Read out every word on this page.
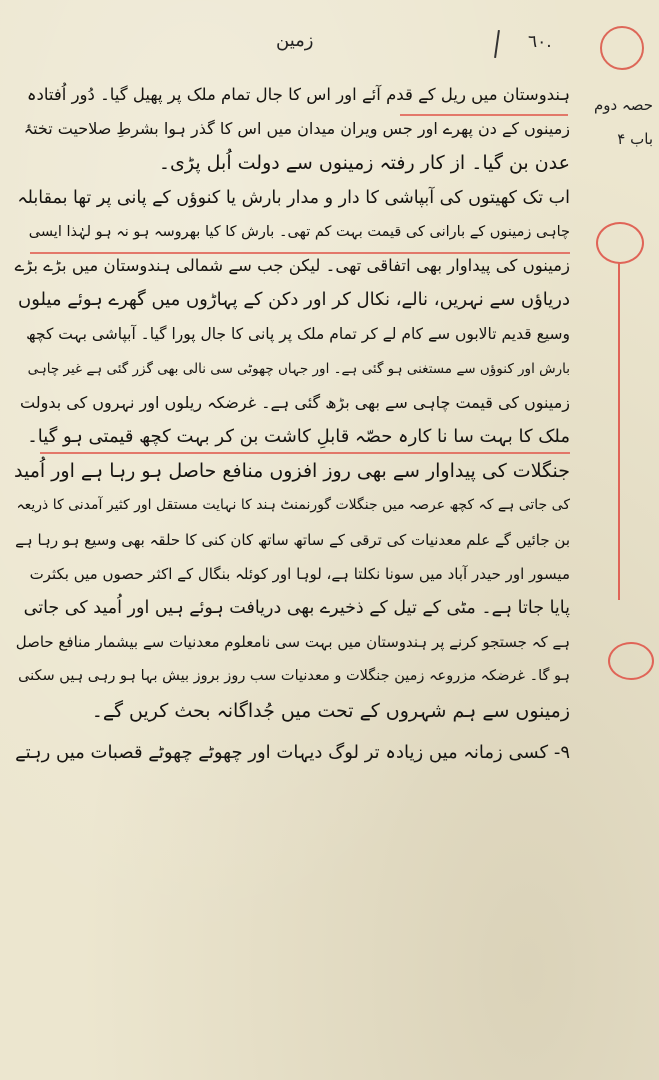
زمین	٦٠.
حصہ دوم
باب ۴
ہندوستان میں ریل کے قدم آئے اور اس کا جال تمام ملک پر پھیل گیا۔ دُور اُفتادہ
زمینوں کے دن پھرے اور جس ویران میدان میں اس کا گذر ہوا بشرطِ صلاحیت تختۂ
عدن بن گیا۔ از کار رفتہ زمینوں سے دولت اُبل پڑی۔
اب تک کھیتوں کی آبپاشی کا دار و مدار بارش یا کنوؤں کے پانی پر تھا بمقابلہ
چاہی زمینوں کے بارانی کی قیمت بہت کم تھی۔ بارش کا کیا بھروسہ ہو نہ ہو لہٰذا ایسی
زمینوں کی پیداوار بھی اتفاقی تھی۔ لیکن جب سے شمالی ہندوستان میں بڑے بڑے
دریاؤں سے نہریں، نالے، نکال کر اور دکن کے پہاڑوں میں گھرے ہوئے میلوں
وسیع قدیم تالابوں سے کام لے کر تمام ملک پر پانی کا جال پورا گیا۔ آبپاشی بہت کچھ
بارش اور کنوؤں سے مستغنی ہو گئی ہے۔ اور جہاں چھوٹی سی نالی بھی گزر گئی ہے غیر چاہی
زمینوں کی قیمت چاہی سے بھی بڑھ گئی ہے۔ غرضکہ ریلوں اور نہروں کی بدولت
ملک کا بہت سا نا کارہ حصّہ قابلِ کاشت بن کر بہت کچھ قیمتی ہو گیا۔
جنگلات کی پیداوار سے بھی روز افزوں منافع حاصل ہو رہا ہے اور اُمید
کی جاتی ہے کہ کچھ عرصہ میں جنگلات گورنمنٹ ہند کا نہایت مستقل اور کثیر آمدنی کا ذریعہ
بن جائیں گے علم معدنیات کی ترقی کے ساتھ ساتھ کان کنی کا حلقہ بھی وسیع ہو رہا ہے
میسور اور حیدر آباد میں سونا نکلتا ہے، لوہا اور کوئلہ بنگال کے اکثر حصوں میں بکثرت
پایا جاتا ہے۔ مٹی کے تیل کے ذخیرے بھی دریافت ہوئے ہیں اور اُمید کی جاتی
ہے کہ جستجو کرنے پر ہندوستان میں بہت سی نامعلوم معدنیات سے بیشمار منافع حاصل
ہو گا۔ غرضکہ مزروعہ زمین جنگلات و معدنیات سب روز بروز بیش بہا ہو رہی ہیں سکنی
زمینوں سے ہم شہروں کے تحت میں جُداگانہ بحث کریں گے۔
۹- کسی زمانہ میں زیادہ تر لوگ دیہات اور چھوٹے چھوٹے قصبات میں رہتے
